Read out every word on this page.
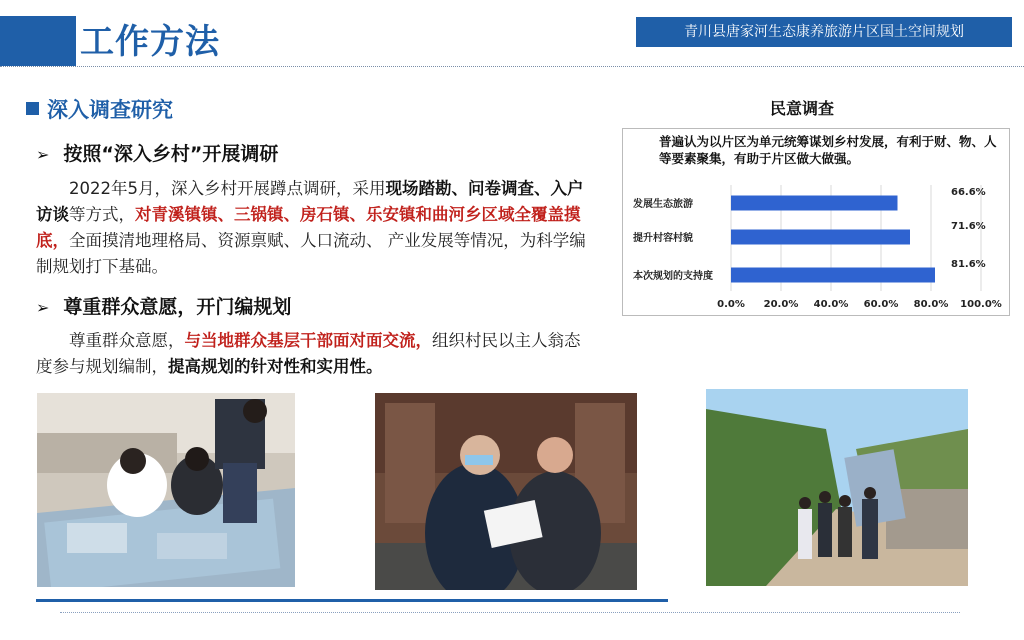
工作方法	青川县唐家河生态康养旅游片区国土空间规划
深入调查研究
➢ 按照“深入乡村”开展调研
2022年5月，深入乡村开展蹲点调研，采用现场踏勘、问卷调查、入户访谈等方式，对青溪镇镇、三锅镇、房石镇、乐安镇和曲河乡区域全覆盖摸底，全面摸清地理格局、资源禀赋、人口流动、 产业发展等情况，为科学编制规划打下基础。
➢ 尊重群众意愿，开门编规划
尊重群众意愿，与当地群众基层干部面对面交流，组织村民以主人翁态度参与规划编制，提高规划的针对性和实用性。
民意调查
普遍认为以片区为单元统筹谋划乡村发展，有利于财、物、人等要素聚集，有助于片区做大做强。
0.0% 20.0% 40.0% 60.0% 80.0% 100.0%
发展生态旅游
66.6%
提升村容村貌
71.6%
本次规划的支持度
81.6%
